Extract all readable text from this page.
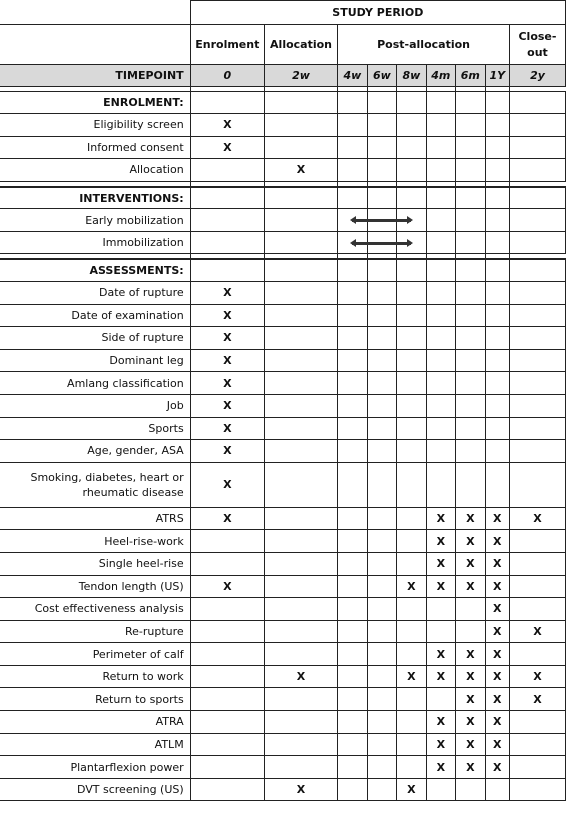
	STUDY PERIOD								
	Enrolment	Allocation	Post-allocation						Close-
out
TIMEPOINT	0	2w	4w	6w	8w	4m	6m	1Y	2y

ENROLMENT:									
Eligibility screen	X								
Informed consent	X								
Allocation		X							

INTERVENTIONS:									
Early mobilization									
Immobilization									

ASSESSMENTS:									
Date of rupture	X								
Date of examination	X								
Side of rupture	X								
Dominant leg	X								
Amlang classification	X								
Job	X								
Sports	X								
Age, gender, ASA	X								
Smoking, diabetes, heart or rheumatic disease	X								
ATRS	X					X	X	X	X
Heel-rise-work						X	X	X	
Single heel-rise						X	X	X	
Tendon length (US)	X				X	X	X	X	
Cost effectiveness analysis								X	
Re-rupture								X	X
Perimeter of calf						X	X	X	
Return to work		X			X	X	X	X	X
Return to sports							X	X	X
ATRA						X	X	X	
ATLM						X	X	X	
Plantarflexion power						X	X	X	
DVT screening (US)		X			X				
